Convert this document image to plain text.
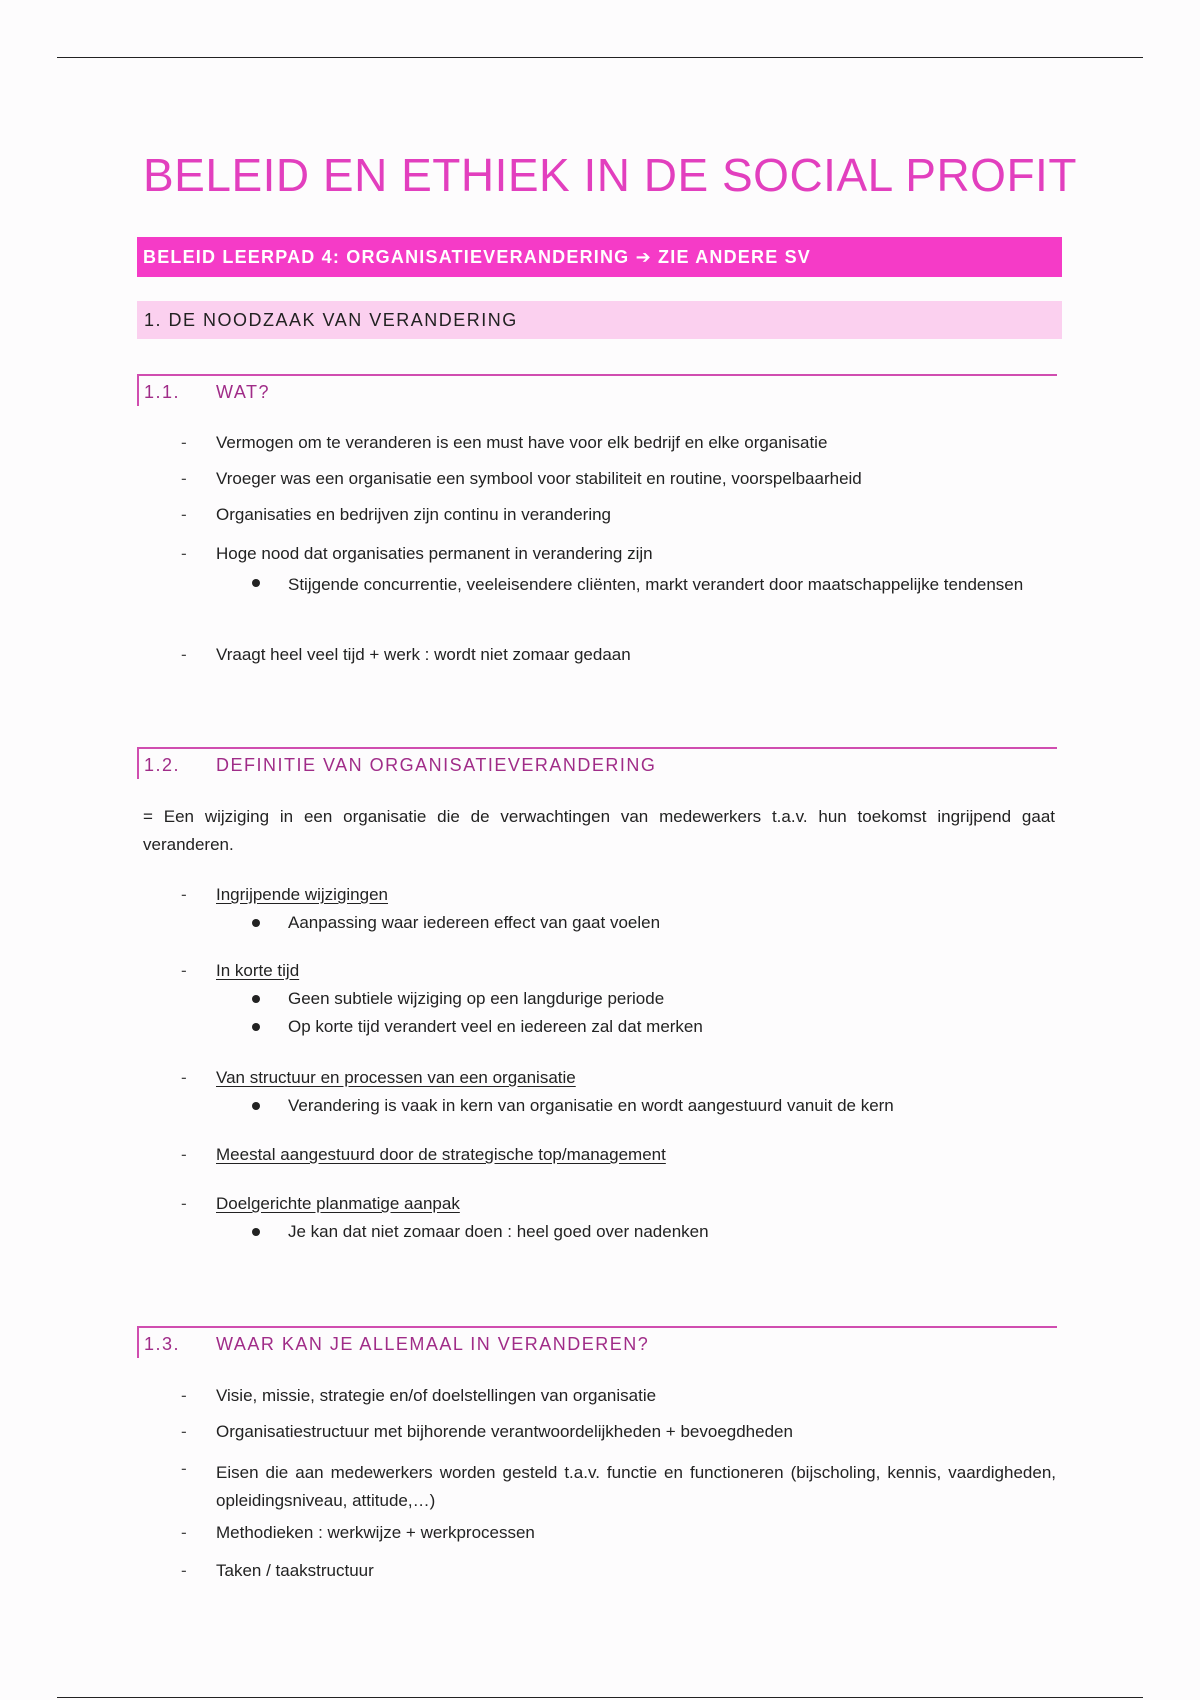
BELEID EN ETHIEK IN DE SOCIAL PROFIT
BELEID LEERPAD 4: ORGANISATIEVERANDERING ➔ ZIE ANDERE SV
1. DE NOODZAAK VAN VERANDERING
1.1. WAT?
- Vermogen om te veranderen is een must have voor elk bedrijf en elke organisatie
- Vroeger was een organisatie een symbool voor stabiliteit en routine, voorspelbaarheid
- Organisaties en bedrijven zijn continu in verandering
- Hoge nood dat organisaties permanent in verandering zijn
Stijgende concurrentie, veeleisendere cliënten, markt verandert door maatschappelijke tendensen
- Vraagt heel veel tijd + werk : wordt niet zomaar gedaan
1.2. DEFINITIE VAN ORGANISATIEVERANDERING
= Een wijziging in een organisatie die de verwachtingen van medewerkers t.a.v. hun toekomst ingrijpend gaat veranderen.
- Ingrijpende wijzigingen
Aanpassing waar iedereen effect van gaat voelen
- In korte tijd
Geen subtiele wijziging op een langdurige periode
Op korte tijd verandert veel en iedereen zal dat merken
- Van structuur en processen van een organisatie
Verandering is vaak in kern van organisatie en wordt aangestuurd vanuit de kern
- Meestal aangestuurd door de strategische top/management
- Doelgerichte planmatige aanpak
Je kan dat niet zomaar doen : heel goed over nadenken
1.3. WAAR KAN JE ALLEMAAL IN VERANDEREN?
- Visie, missie, strategie en/of doelstellingen van organisatie
- Organisatiestructuur met bijhorende verantwoordelijkheden + bevoegdheden
- Eisen die aan medewerkers worden gesteld t.a.v. functie en functioneren (bijscholing, kennis, vaardigheden, opleidingsniveau, attitude,…)
- Methodieken : werkwijze + werkprocessen
- Taken / taakstructuur
